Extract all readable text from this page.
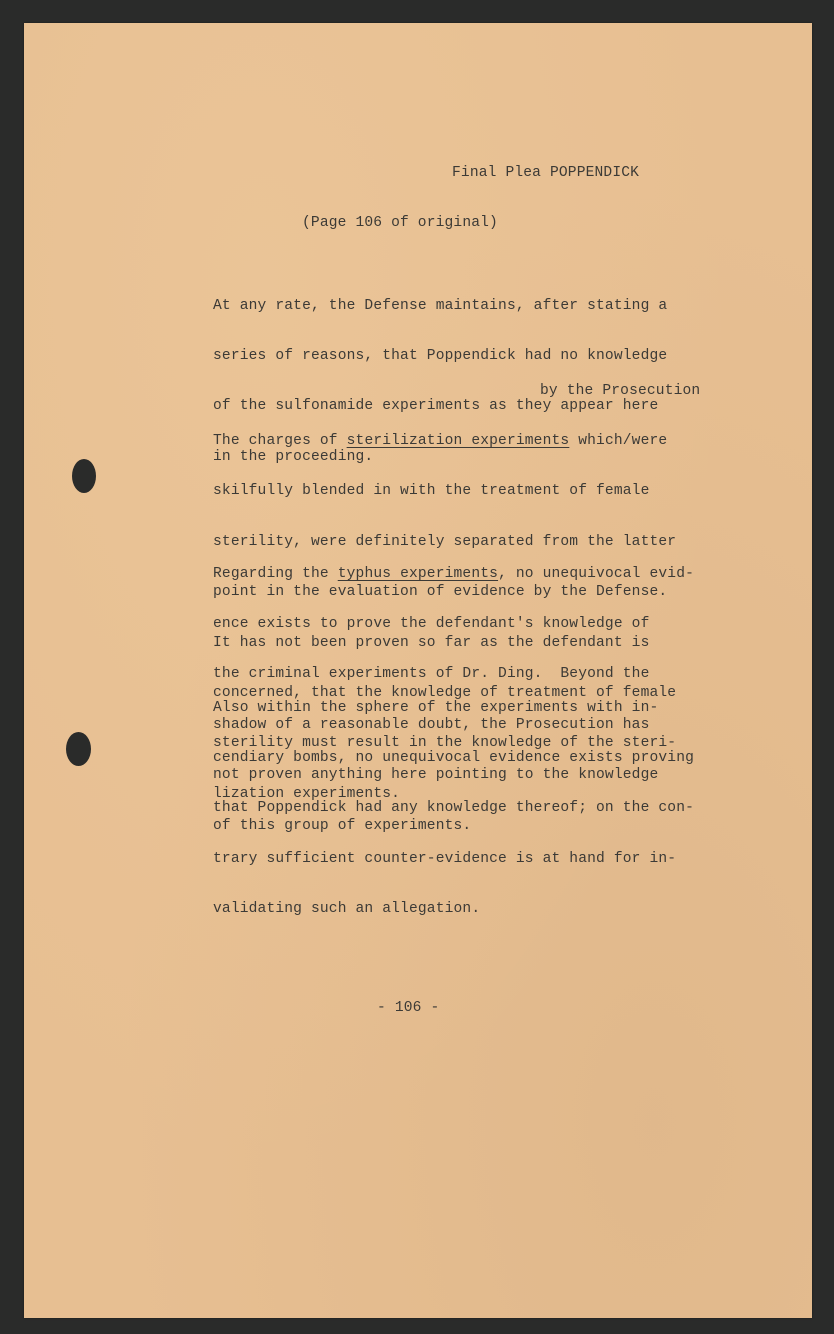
Final Plea POPPENDICK
(Page 106 of original)

At any rate, the Defense maintains, after stating a

series of reasons, that Poppendick had no knowledge

of the sulfonamide experiments as they appear here

in the proceeding.

by the Prosecution

The charges of sterilization experiments which/were

skilfully blended in with the treatment of female

sterility, were definitely separated from the latter

point in the evaluation of evidence by the Defense.

It has not been proven so far as the defendant is

concerned, that the knowledge of treatment of female

sterility must result in the knowledge of the steri-

lization experiments.

Regarding the typhus experiments, no unequivocal evid-

ence exists to prove the defendant's knowledge of

the criminal experiments of Dr. Ding.  Beyond the

shadow of a reasonable doubt, the Prosecution has

not proven anything here pointing to the knowledge

of this group of experiments.

Also within the sphere of the experiments with in-

cendiary bombs, no unequivocal evidence exists proving

that Poppendick had any knowledge thereof; on the con-

trary sufficient counter-evidence is at hand for in-

validating such an allegation.

- 106 -
